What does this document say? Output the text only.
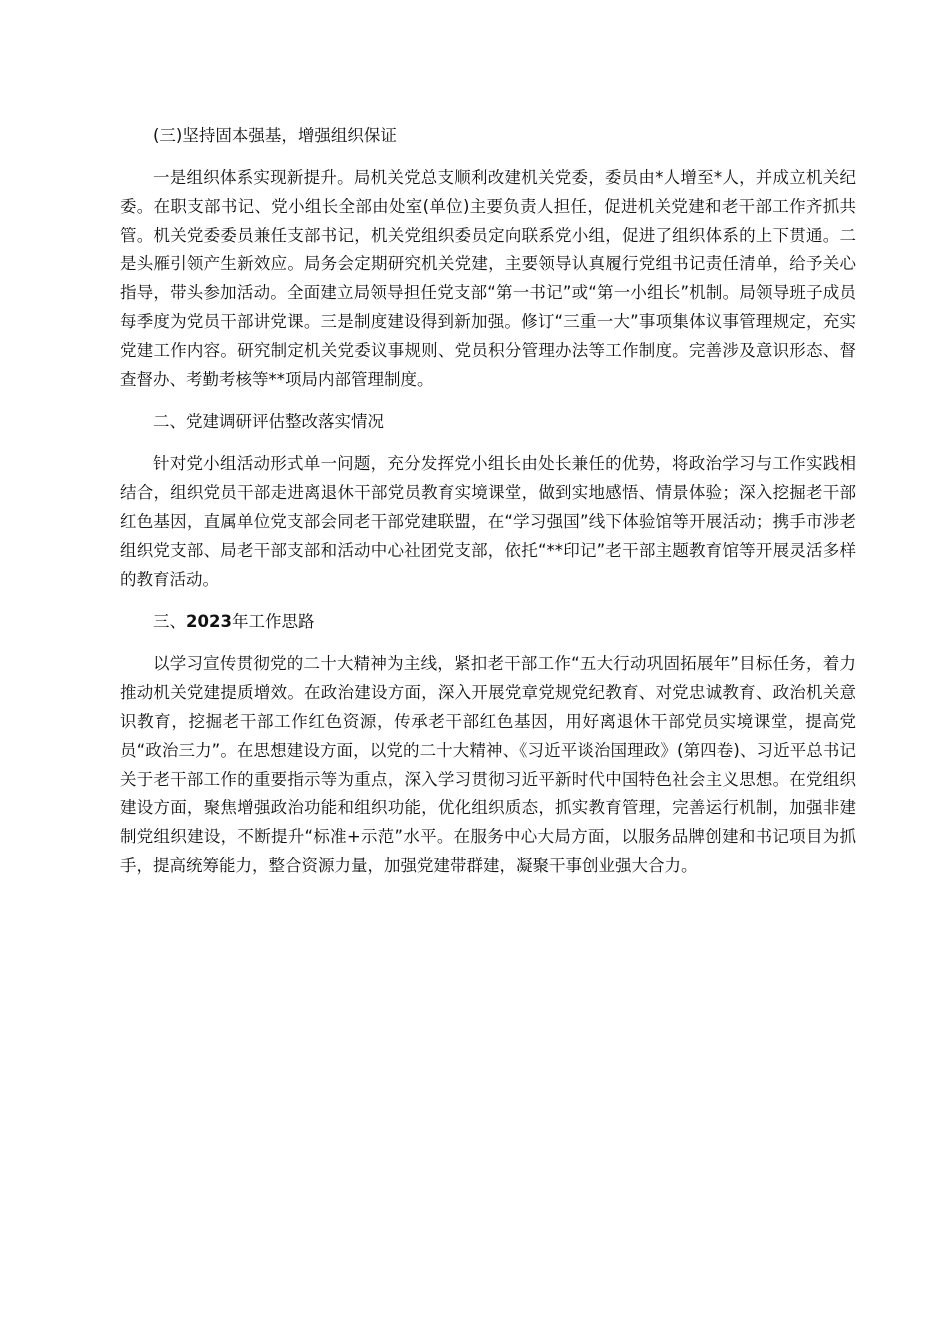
(三)坚持固本强基，增强组织保证

一是组织体系实现新提升。局机关党总支顺利改建机关党委，委员由*人增至*人，并成立机关纪委。在职支部书记、党小组长全部由处室(单位)主要负责人担任，促进机关党建和老干部工作齐抓共管。机关党委委员兼任支部书记，机关党组织委员定向联系党小组，促进了组织体系的上下贯通。二是头雁引领产生新效应。局务会定期研究机关党建，主要领导认真履行党组书记责任清单，给予关心指导，带头参加活动。全面建立局领导担任党支部“第一书记”或“第一小组长”机制。局领导班子成员每季度为党员干部讲党课。三是制度建设得到新加强。修订“三重一大”事项集体议事管理规定，充实党建工作内容。研究制定机关党委议事规则、党员积分管理办法等工作制度。完善涉及意识形态、督查督办、考勤考核等**项局内部管理制度。

二、党建调研评估整改落实情况

针对党小组活动形式单一问题，充分发挥党小组长由处长兼任的优势，将政治学习与工作实践相结合，组织党员干部走进离退休干部党员教育实境课堂，做到实地感悟、情景体验；深入挖掘老干部红色基因，直属单位党支部会同老干部党建联盟，在“学习强国”线下体验馆等开展活动；携手市涉老组织党支部、局老干部支部和活动中心社团党支部，依托“**印记”老干部主题教育馆等开展灵活多样的教育活动。

三、2023年工作思路

以学习宣传贯彻党的二十大精神为主线，紧扣老干部工作“五大行动巩固拓展年”目标任务，着力推动机关党建提质增效。在政治建设方面，深入开展党章党规党纪教育、对党忠诚教育、政治机关意识教育，挖掘老干部工作红色资源，传承老干部红色基因，用好离退休干部党员实境课堂，提高党员“政治三力”。在思想建设方面，以党的二十大精神、《习近平谈治国理政》(第四卷)、习近平总书记关于老干部工作的重要指示等为重点，深入学习贯彻习近平新时代中国特色社会主义思想。在党组织建设方面，聚焦增强政治功能和组织功能，优化组织质态，抓实教育管理，完善运行机制，加强非建制党组织建设，不断提升“标准+示范”水平。在服务中心大局方面，以服务品牌创建和书记项目为抓手，提高统筹能力，整合资源力量，加强党建带群建，凝聚干事创业强大合力。
